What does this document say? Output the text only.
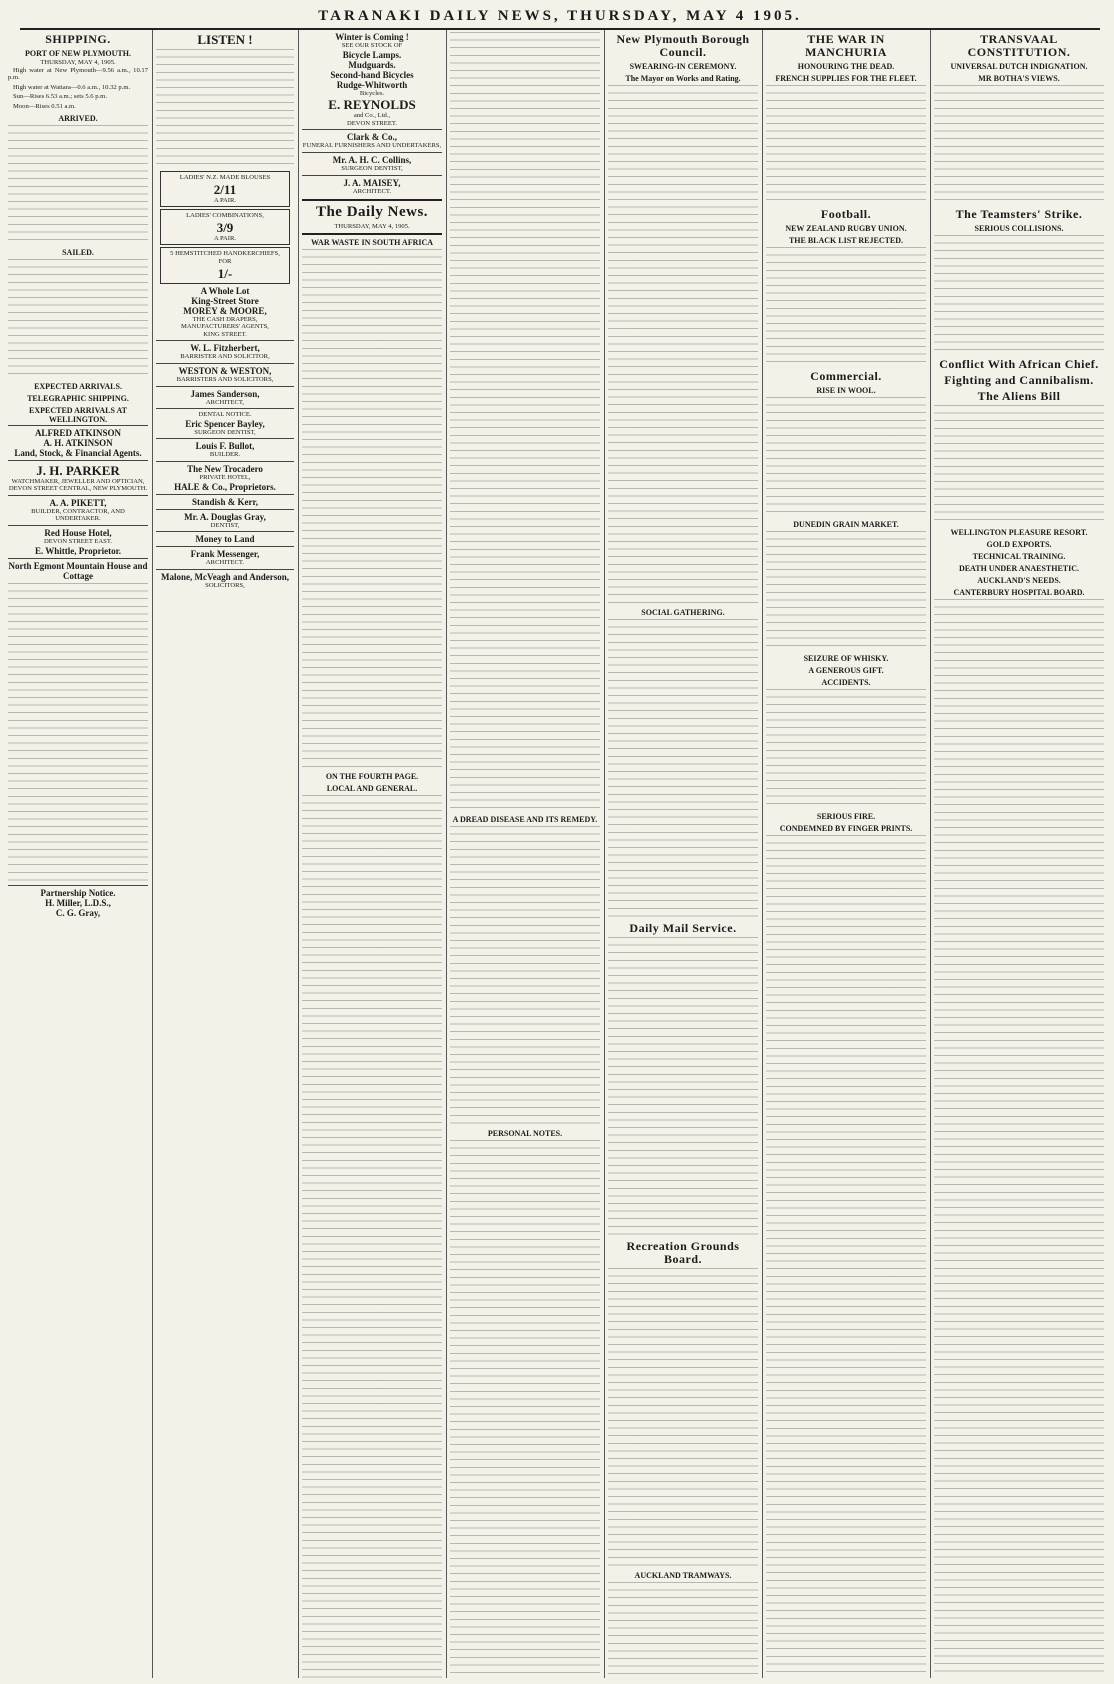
TARANAKI DAILY NEWS, THURSDAY, MAY 4 1905.
SHIPPING.
PORT OF NEW PLYMOUTH.
THURSDAY, MAY 4, 1905.

High water at New Plymouth—9.56 a.m., 10.17 p.m.

High water at Waitara—0.6 a.m., 10.32 p.m.

Sun—Rises 6.53 a.m.; sets 5.6 p.m.

Moon—Rises 0.51 a.m.

ARRIVED.
SAILED.
EXPECTED ARRIVALS.
TELEGRAPHIC SHIPPING.
EXPECTED ARRIVALS AT WELLINGTON.
ALFRED ATKINSON
A. H. ATKINSON
Land, Stock, & Financial Agents.
J. H. PARKER
WATCHMAKER, JEWELLER AND OPTICIAN,
DEVON STREET CENTRAL, NEW PLYMOUTH.
A. A. PIKETT,
BUILDER, CONTRACTOR, AND UNDERTAKER.
Red House Hotel,
DEVON STREET EAST.
E. Whittle, Proprietor.
North Egmont Mountain House and Cottage
Partnership Notice.
H. Miller, L.D.S.,
C. G. Gray,
LISTEN !
LADIES' N.Z. MADE BLOUSES
2/11
A PAIR.
LADIES' COMBINATIONS,
3/9
A PAIR.
5 HEMSTITCHED HANDKERCHIEFS,
FOR
1/-
A Whole Lot
King-Street Store
MOREY & MOORE,
THE CASH DRAPERS,
MANUFACTURERS' AGENTS,
KING STREET.
W. L. Fitzherbert,
BARRISTER AND SOLICITOR,
WESTON & WESTON,
BARRISTERS AND SOLICITORS,
James Sanderson,
ARCHITECT,
DENTAL NOTICE.
Eric Spencer Bayley,
SURGEON DENTIST,
Louis F. Bullot,
BUILDER.
The New Trocadero
PRIVATE HOTEL,
HALE & Co., Proprietors.
Standish & Kerr,
Mr. A. Douglas Gray,
DENTIST,
Money to Land
Frank Messenger,
ARCHITECT.
Malone, McVeagh and Anderson,
SOLICITORS,
Winter is Coming !
SEE OUR STOCK OF
Bicycle Lamps.
Mudguards.
Second-hand Bicycles
Rudge-Whitworth
Bicycles.
E. REYNOLDS
and Co., Ltd.,
DEVON STREET.
Clark & Co.,
FUNERAL FURNISHERS AND UNDERTAKERS,
Mr. A. H. C. Collins,
SURGEON DENTIST,
J. A. MAISEY,
ARCHITECT.
The Daily News.
THURSDAY, MAY 4, 1905.
WAR WASTE IN SOUTH AFRICA
ON THE FOURTH PAGE.
LOCAL AND GENERAL.
A DREAD DISEASE AND ITS REMEDY.
PERSONAL NOTES.
New Plymouth Borough Council.
SWEARING-IN CEREMONY.
The Mayor on Works and Rating.
SOCIAL GATHERING.
Daily Mail Service.
Recreation Grounds Board.
AUCKLAND TRAMWAYS.
THE WAR IN MANCHURIA
HONOURING THE DEAD.
FRENCH SUPPLIES FOR THE FLEET.
Football.
NEW ZEALAND RUGBY UNION.
THE BLACK LIST REJECTED.
Commercial.
RISE IN WOOL.
DUNEDIN GRAIN MARKET.
SEIZURE OF WHISKY.
A GENEROUS GIFT.
ACCIDENTS.
SERIOUS FIRE.
CONDEMNED BY FINGER PRINTS.
TRANSVAAL CONSTITUTION.
UNIVERSAL DUTCH INDIGNATION.
MR BOTHA'S VIEWS.
The Teamsters' Strike.
SERIOUS COLLISIONS.
Conflict With African Chief.
Fighting and Cannibalism.
The Aliens Bill
WELLINGTON PLEASURE RESORT.
GOLD EXPORTS.
TECHNICAL TRAINING.
DEATH UNDER ANAESTHETIC.
AUCKLAND'S NEEDS.
CANTERBURY HOSPITAL BOARD.
